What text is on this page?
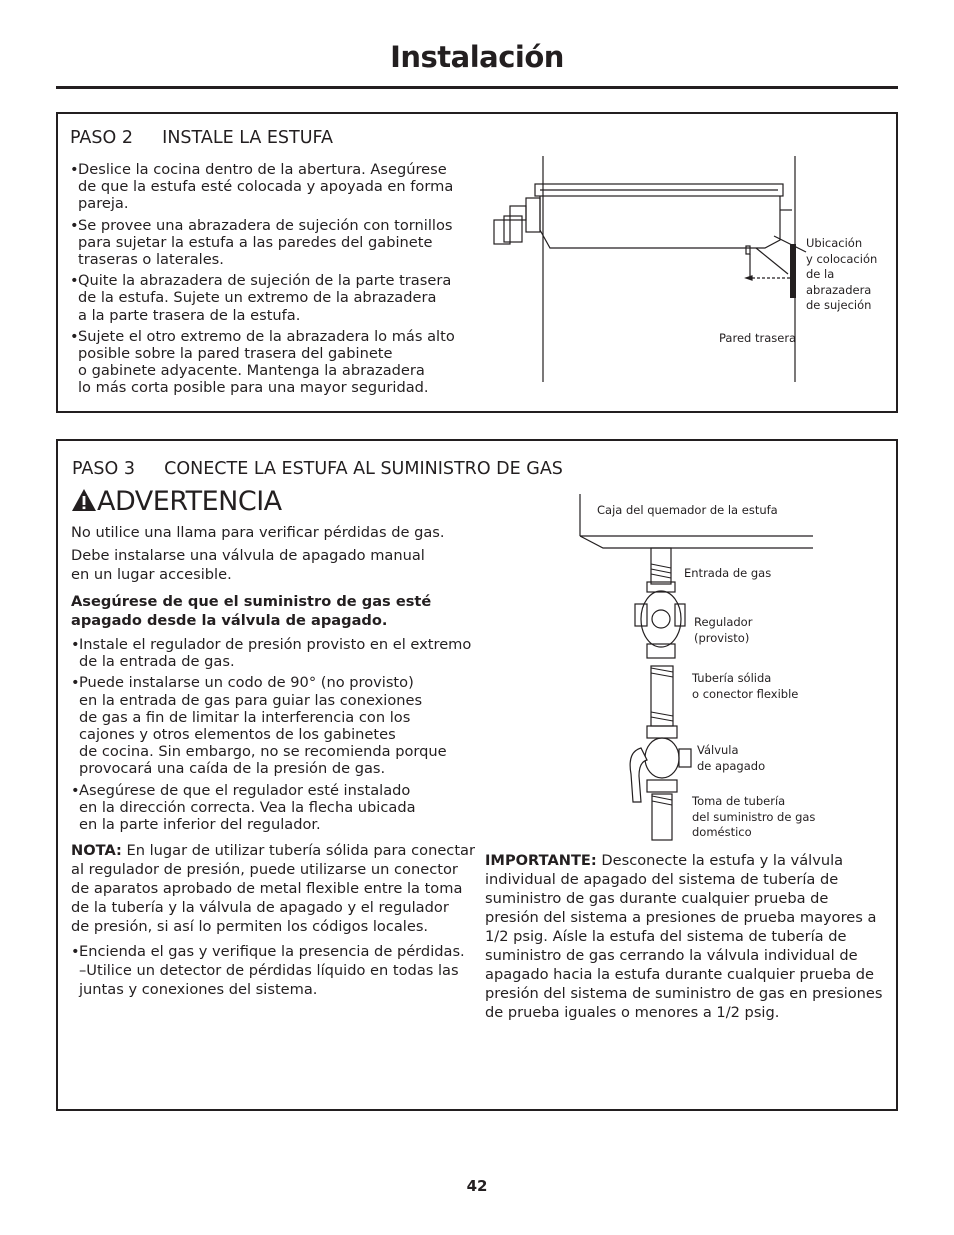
Instalación
PASO 2 INSTALE LA ESTUFA
• Deslice la cocina dentro de la abertura. Asegúrese
de que la estufa esté colocada y apoyada en forma
pareja.
• Se provee una abrazadera de sujeción con tornillos
para sujetar la estufa a las paredes del gabinete
traseras o laterales.
• Quite la abrazadera de sujeción de la parte trasera
de la estufa. Sujete un extremo de la abrazadera
a la parte trasera de la estufa.
• Sujete el otro extremo de la abrazadera lo más alto
posible sobre la pared trasera del gabinete
o gabinete adyacente. Mantenga la abrazadera
lo más corta posible para una mayor seguridad.
Ubicación
y colocación
de la
abrazadera
de sujeción
Pared trasera
PASO 3 CONECTE LA ESTUFA AL SUMINISTRO DE GAS
ADVERTENCIA
No utilice una llama para verificar pérdidas de gas.
Debe instalarse una válvula de apagado manual
en un lugar accesible.
Asegúrese de que el suministro de gas esté
apagado desde la válvula de apagado.
• Instale el regulador de presión provisto en el extremo
de la entrada de gas.
• Puede instalarse un codo de 90° (no provisto)
en la entrada de gas para guiar las conexiones
de gas a fin de limitar la interferencia con los
cajones y otros elementos de los gabinetes
de cocina. Sin embargo, no se recomienda porque
provocará una caída de la presión de gas.
• Asegúrese de que el regulador esté instalado
en la dirección correcta. Vea la flecha ubicada
en la parte inferior del regulador.
NOTA: En lugar de utilizar tubería sólida para conectar
al regulador de presión, puede utilizarse un conector
de aparatos aprobado de metal flexible entre la toma
de la tubería y la válvula de apagado y el regulador
de presión, si así lo permiten los códigos locales.
• Encienda el gas y verifique la presencia de pérdidas.
–Utilice un detector de pérdidas líquido en todas las
juntas y conexiones del sistema.
Caja del quemador de la estufa
Entrada de gas
Regulador
(provisto)
Tubería sólida
o conector flexible
Válvula
de apagado
Toma de tubería
del suministro de gas
doméstico
IMPORTANTE: Desconecte la estufa y la válvula
individual de apagado del sistema de tubería de
suministro de gas durante cualquier prueba de
presión del sistema a presiones de prueba mayores a
1/2 psig. Aísle la estufa del sistema de tubería de
suministro de gas cerrando la válvula individual de
apagado hacia la estufa durante cualquier prueba de
presión del sistema de suministro de gas en presiones
de prueba iguales o menores a 1/2 psig.
42
